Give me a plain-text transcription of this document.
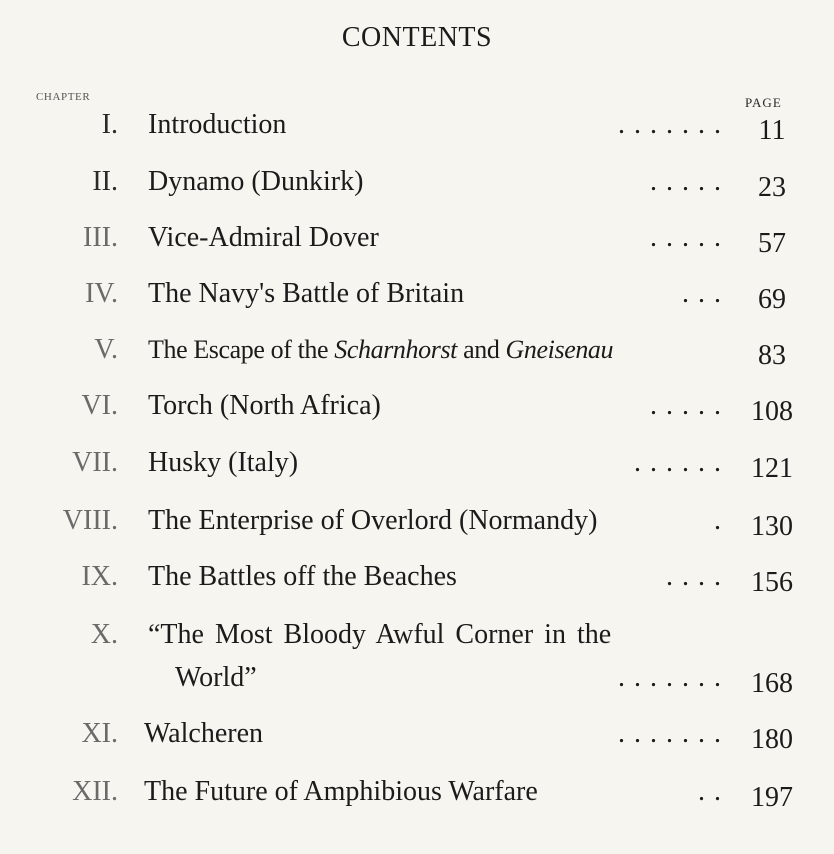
CONTENTS
CHAPTER	PAGE
I. Introduction	. . . . . . .	11
II. Dynamo (Dunkirk)	. . . . .	23
III. Vice-Admiral Dover	. . . . .	57
IV. The Navy's Battle of Britain	. . .	69
V. The Escape of the Scharnhorst and Gneisenau	83
VI. Torch (North Africa)	. . . . .	108
VII. Husky (Italy)	. . . . . .	121
VIII. The Enterprise of Overlord (Normandy)	.	130
IX. The Battles off the Beaches	. . . .	156
X. “The Most Bloody Awful Corner in the
World”	. . . . . . .	168
XI. Walcheren	. . . . . . .	180
XII. The Future of Amphibious Warfare	. .	197
